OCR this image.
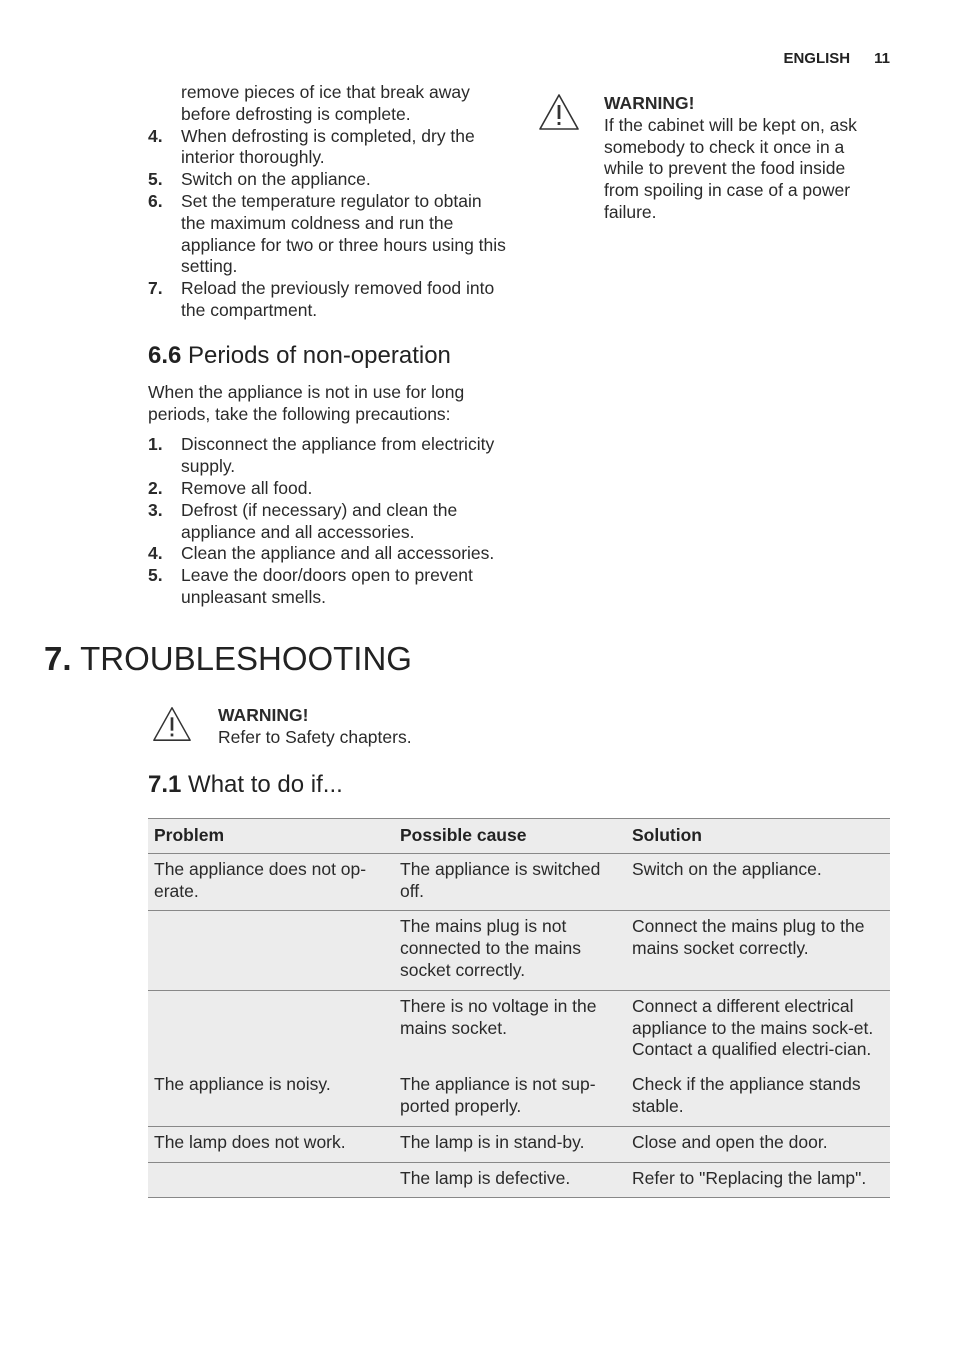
ENGLISH 11
remove pieces of ice that break away before defrosting is complete.
4. When defrosting is completed, dry the interior thoroughly.
5. Switch on the appliance.
6. Set the temperature regulator to obtain the maximum coldness and run the appliance for two or three hours using this setting.
7. Reload the previously removed food into the compartment.
6.6 Periods of non-operation

When the appliance is not in use for long periods, take the following precautions:

1. Disconnect the appliance from electricity supply.
2. Remove all food.
3. Defrost (if necessary) and clean the appliance and all accessories.
4. Clean the appliance and all accessories.
5. Leave the door/doors open to prevent unpleasant smells.
WARNING!
If the cabinet will be kept on, ask somebody to check it once in a while to prevent the food inside from spoiling in case of a power failure.
7. TROUBLESHOOTING
WARNING!
Refer to Safety chapters.
7.1 What to do if...
Problem	Possible cause	Solution
The appliance does not op-erate.	The appliance is switched off.	Switch on the appliance.
	The mains plug is not connected to the mains socket correctly.	Connect the mains plug to the mains socket correctly.
	There is no voltage in the mains socket.	Connect a different electrical appliance to the mains sock-et. Contact a qualified electri-cian.
The appliance is noisy.	The appliance is not sup-ported properly.	Check if the appliance stands stable.
The lamp does not work.	The lamp is in stand-by.	Close and open the door.
	The lamp is defective.	Refer to "Replacing the lamp".
